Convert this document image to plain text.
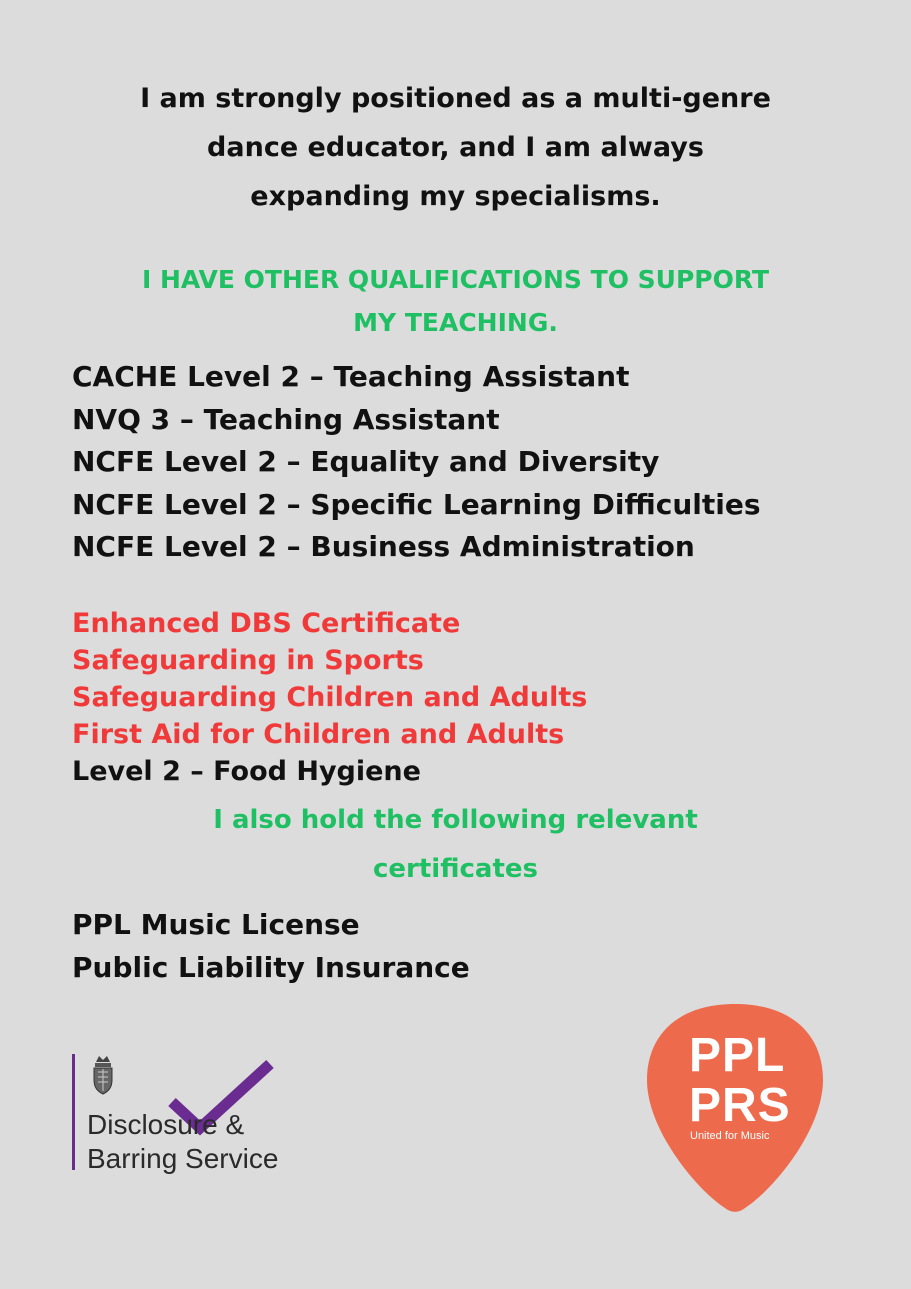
I am strongly positioned as a multi-genre
dance educator, and I am always
expanding my specialisms.
I HAVE OTHER QUALIFICATIONS TO SUPPORT
MY TEACHING.
CACHE Level 2 – Teaching Assistant
NVQ 3 – Teaching Assistant
NCFE Level 2 – Equality and Diversity
NCFE Level 2 – Specific Learning Difficulties
NCFE Level 2 – Business Administration
Enhanced DBS Certificate
Safeguarding in Sports
Safeguarding Children and Adults
First Aid for Children and Adults
Level 2 – Food Hygiene
I also hold the following relevant
certificates
PPL Music License
Public Liability Insurance
Disclosure &
Barring Service
PPL
PRS
United for Music
